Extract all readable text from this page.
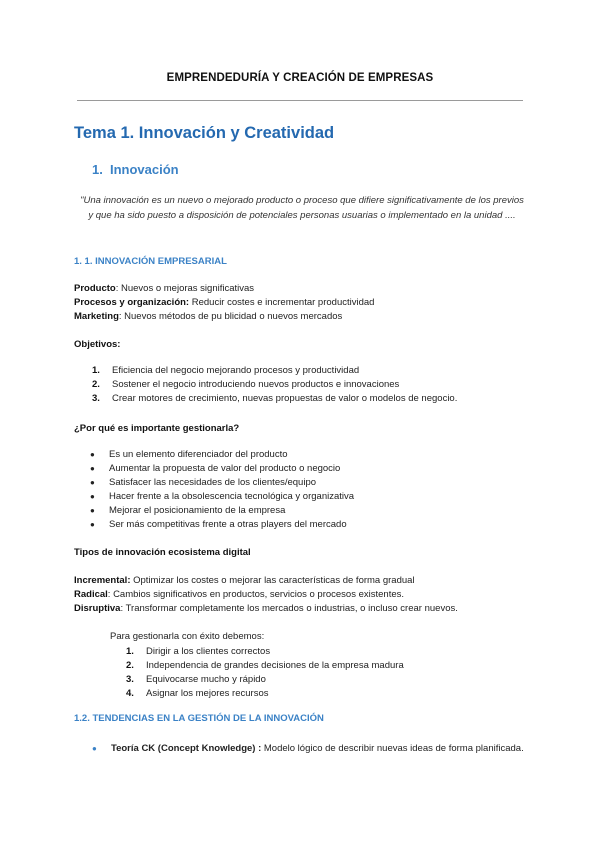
EMPRENDEDURÍA Y CREACIÓN DE EMPRESAS
Tema 1. Innovación y Creatividad
1. Innovación
"Una innovación es un nuevo o mejorado producto o proceso que difiere significativamente de los previos y que ha sido puesto a disposición de potenciales personas usuarias o implementado en la unidad ....
1. 1. INNOVACIÓN EMPRESARIAL
Producto: Nuevos o mejoras significativas
Procesos y organización: Reducir costes e incrementar productividad
Marketing: Nuevos métodos de pu blicidad o nuevos mercados
Objetivos:
1. Eficiencia del negocio mejorando procesos y productividad
2. Sostener el negocio introduciendo nuevos productos e innovaciones
3. Crear motores de crecimiento, nuevas propuestas de valor o modelos de negocio.
¿Por qué es importante gestionarla?
● Es un elemento diferenciador del producto
● Aumentar la propuesta de valor del producto o negocio
● Satisfacer las necesidades de los clientes/equipo
● Hacer frente a la obsolescencia tecnológica y organizativa
● Mejorar el posicionamiento de la empresa
● Ser más competitivas frente a otras players del mercado
Tipos de innovación ecosistema digital
Incremental: Optimizar los costes o mejorar las características de forma gradual
Radical: Cambios significativos en productos, servicios o procesos existentes.
Disruptiva: Transformar completamente los mercados o industrias, o incluso crear nuevos.
Para gestionarla con éxito debemos:
1. Dirigir a los clientes correctos
2. Independencia de grandes decisiones de la empresa madura
3. Equivocarse mucho y rápido
4. Asignar los mejores recursos
1.2. TENDENCIAS EN LA GESTIÓN DE LA INNOVACIÓN
● Teoría CK (Concept Knowledge) : Modelo lógico de describir nuevas ideas de forma planificada.
